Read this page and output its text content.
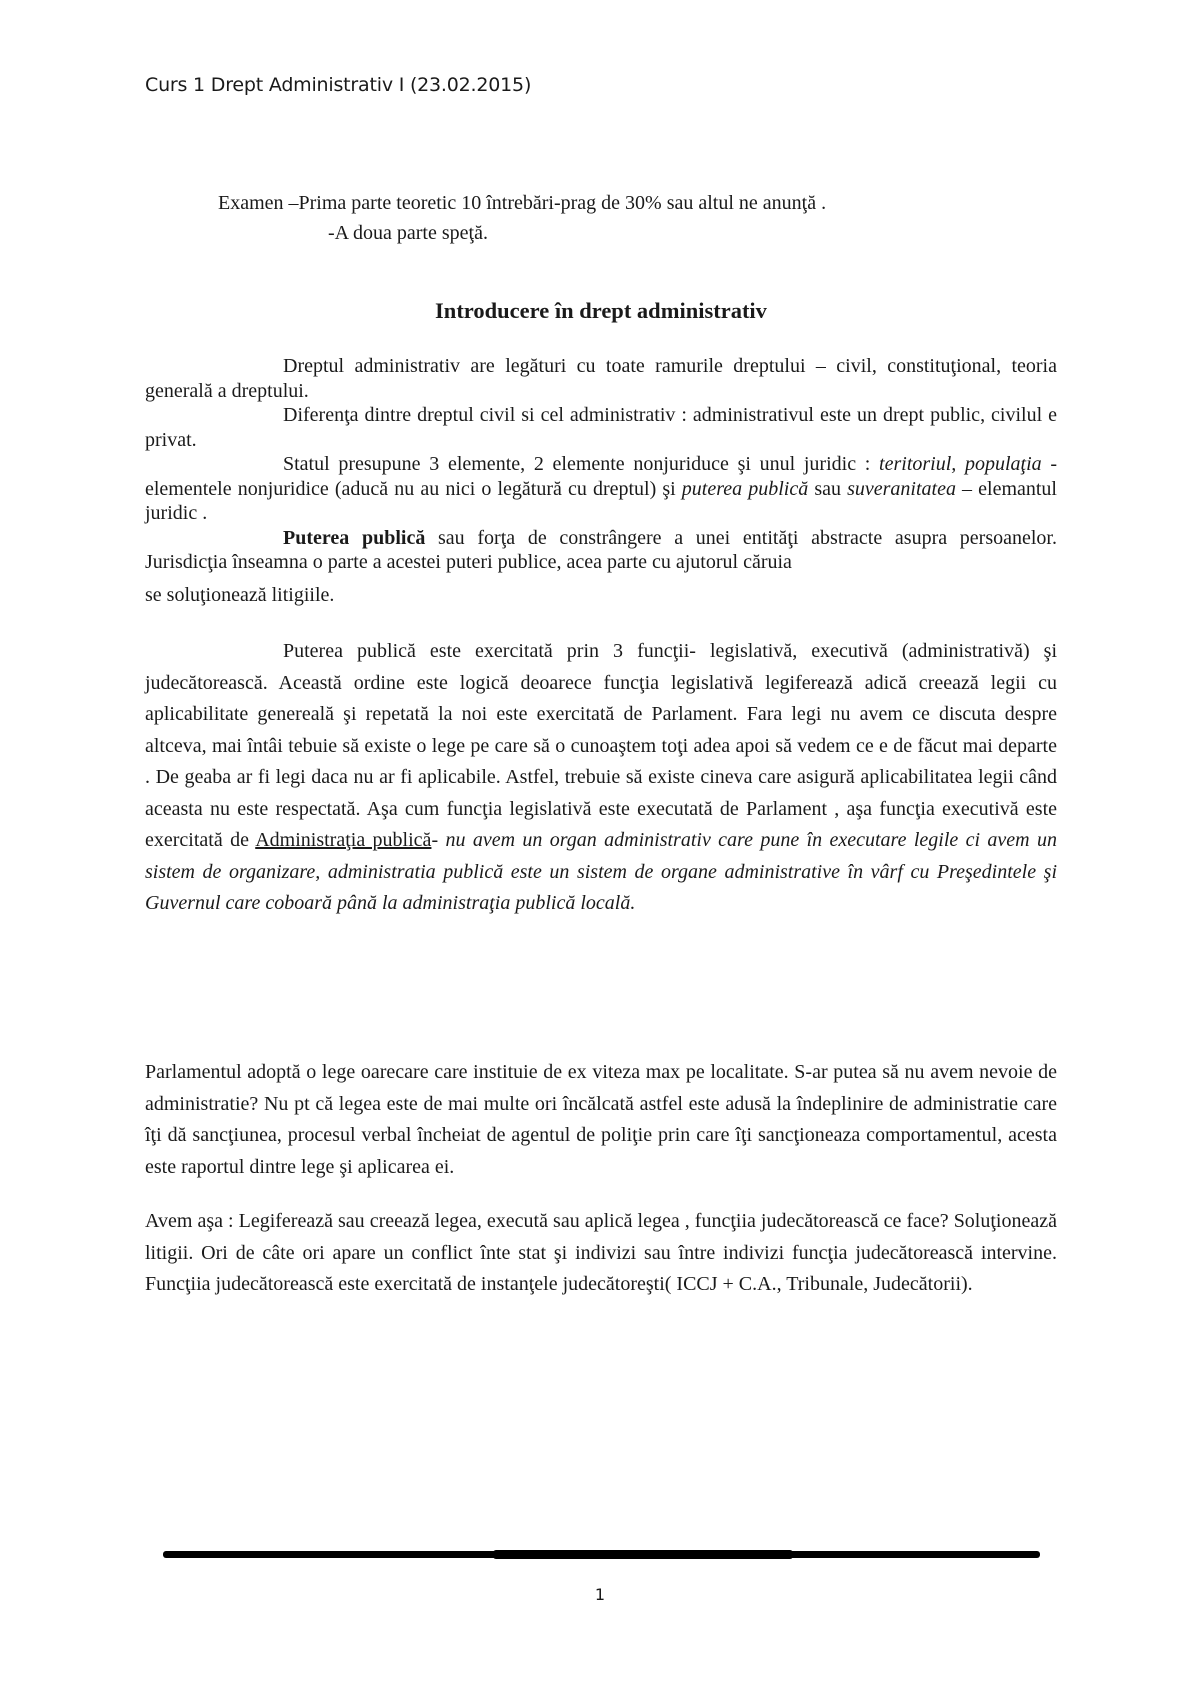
Curs 1 Drept Administrativ I (23.02.2015)
Examen –Prima parte teoretic 10 întrebări-prag de 30% sau altul ne anunţă .
-A doua parte speţă.
Introducere în drept administrativ

Dreptul administrativ are legături cu toate ramurile dreptului – civil, constituţional, teoria generală a dreptului.

Diferenţa dintre dreptul civil si cel administrativ : administrativul este un drept public, civilul e privat.

Statul presupune 3 elemente, 2 elemente nonjuriduce şi unul juridic : teritoriul, populaţia - elementele nonjuridice (aducă nu au nici o legătură cu dreptul) şi puterea publică sau suveranitatea – elemantul juridic .

Puterea publică sau forţa de constrângere a unei entităţi abstracte asupra persoanelor. Jurisdicţia înseamna o parte a acestei puteri publice, acea parte cu ajutorul căruia

se soluţionează litigiile.

Puterea publică este exercitată prin 3 funcţii- legislativă, executivă (administrativă) şi judecătorească. Această ordine este logică deoarece funcţia legislativă legiferează adică creează legii cu aplicabilitate genereală şi repetată la noi este exercitată de Parlament. Fara legi nu avem ce discuta despre altceva, mai întâi tebuie să existe o lege pe care să o cunoaştem toţi adea apoi să vedem ce e de făcut mai departe . De geaba ar fi legi daca nu ar fi aplicabile. Astfel, trebuie să existe cineva care asigură aplicabilitatea legii când aceasta nu este respectată. Aşa cum funcţia legislativă este executată de Parlament , aşa funcţia executivă este exercitată de Administraţia publică- nu avem un organ administrativ care pune în executare legile ci avem un sistem de organizare, administratia publică este un sistem de organe administrative în vârf cu Preşedintele şi Guvernul care coboară până la administraţia publică locală.

Parlamentul adoptă o lege oarecare care instituie de ex viteza max pe localitate. S-ar putea să nu avem nevoie de administratie? Nu pt că legea este de mai multe ori încălcată astfel este adusă la îndeplinire de administratie care îţi dă sancţiunea, procesul verbal încheiat de agentul de poliţie prin care îţi sancţioneaza comportamentul, acesta este raportul dintre lege şi aplicarea ei.
Avem aşa : Legiferează sau creează legea, execută sau aplică legea , funcţiia judecătorească ce face? Soluţionează litigii. Ori de câte ori apare un conflict înte stat şi indivizi sau între indivizi funcţia judecătorească intervine. Funcţiia judecătorească este exercitată de instanţele judecătoreşti( ICCJ + C.A., Tribunale, Judecătorii).
1
